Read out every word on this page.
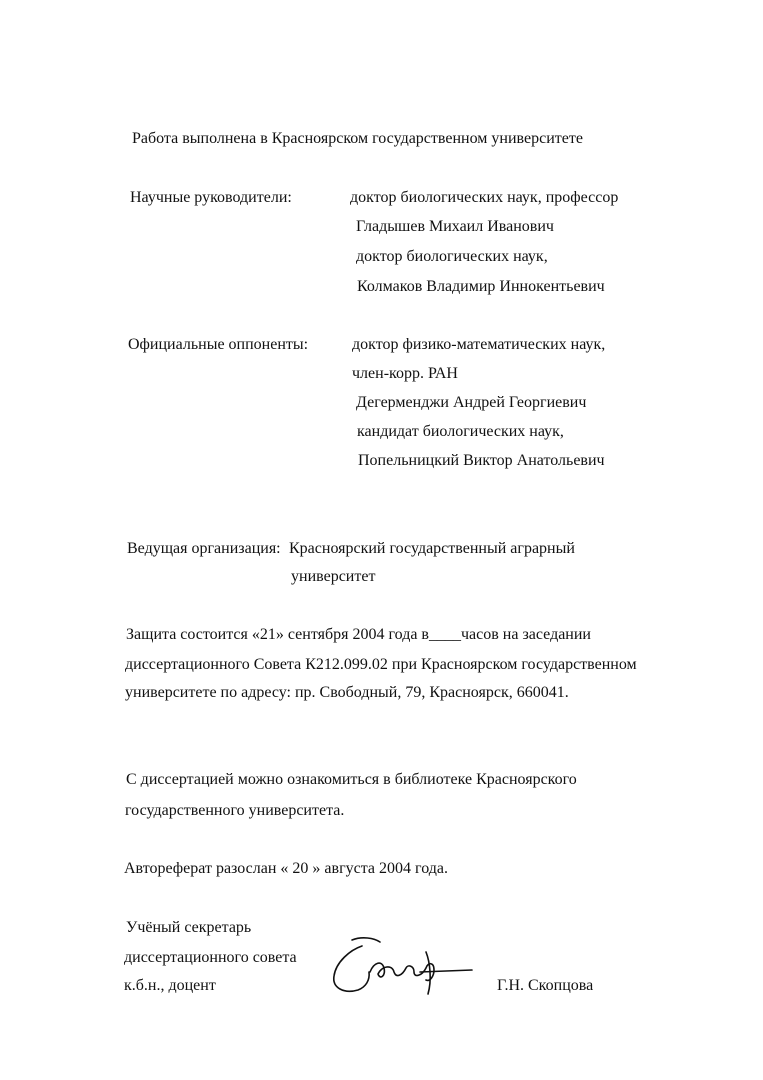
Работа выполнена в Красноярском государственном университете
Научные руководители:	доктор биологических наук, профессор
Гладышев Михаил Иванович
доктор биологических наук,
Колмаков Владимир Иннокентьевич
Официальные оппоненты:	доктор физико-математических наук,
член-корр. РАН
Дегерменджи Андрей Георгиевич
кандидат биологических наук,
Попельницкий Виктор Анатольевич
Ведущая организация: Красноярский государственный аграрный
университет
Защита состоится «21» сентября 2004 года в____часов на заседании
диссертационного Совета К212.099.02 при Красноярском государственном
университете по адресу: пр. Свободный, 79, Красноярск, 660041.
С диссертацией можно ознакомиться в библиотеке Красноярского
государственного университета.
Автореферат разослан « 20 » августа 2004 года.
Учёный секретарь
диссертационного совета
к.б.н., доцент	Г.Н. Скопцова
